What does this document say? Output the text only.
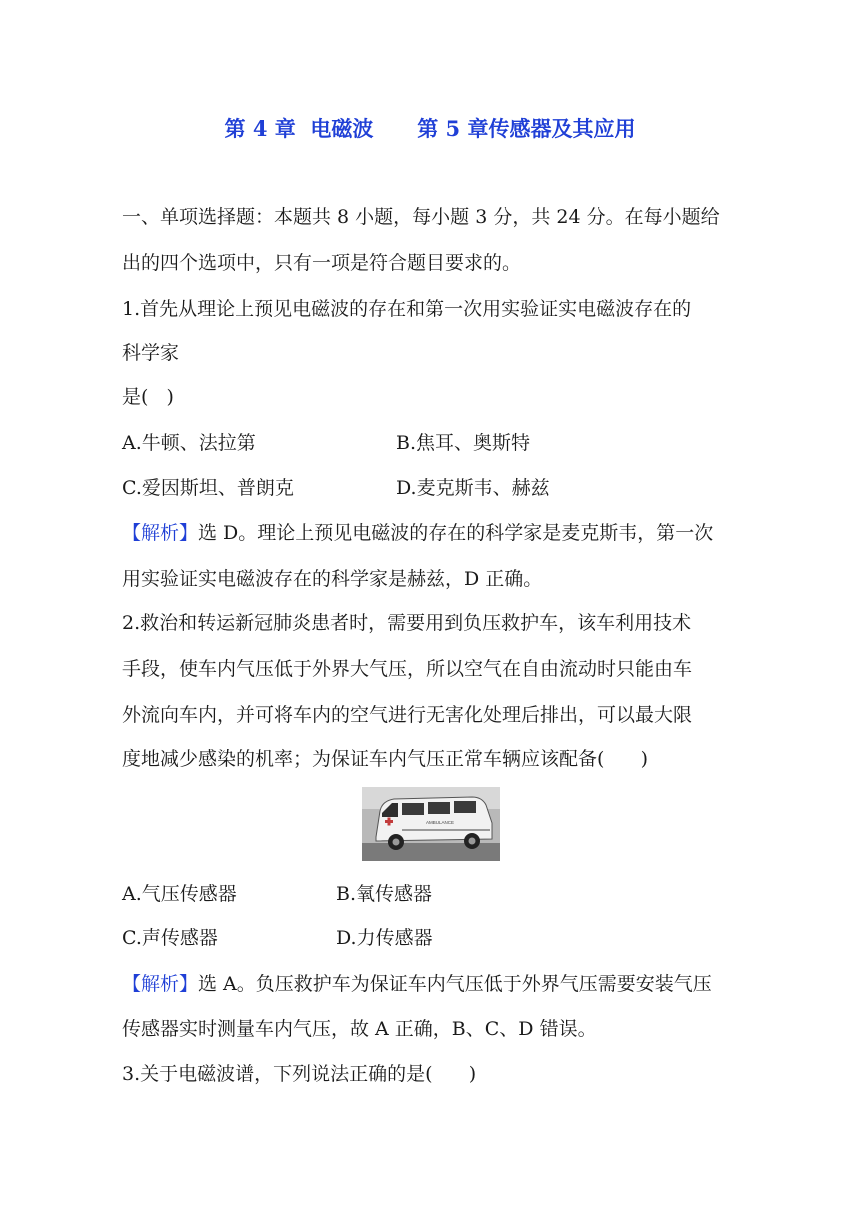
第 4 章  电磁波      第 5 章传感器及其应用
一、单项选择题：本题共 8 小题，每小题 3 分，共 24 分。在每小题给
出的四个选项中，只有一项是符合题目要求的。
1.首先从理论上预见电磁波的存在和第一次用实验证实电磁波存在的
科学家
是(   )
A.牛顿、法拉第	B.焦耳、奥斯特
C.爱因斯坦、普朗克	D.麦克斯韦、赫兹
【解析】选 D。理论上预见电磁波的存在的科学家是麦克斯韦，第一次
用实验证实电磁波存在的科学家是赫兹，D 正确。
2.救治和转运新冠肺炎患者时，需要用到负压救护车，该车利用技术
手段，使车内气压低于外界大气压，所以空气在自由流动时只能由车
外流向车内，并可将车内的空气进行无害化处理后排出，可以最大限
度地减少感染的机率；为保证车内气压正常车辆应该配备(      )
AMBULANCE
A.气压传感器	B.氧传感器
C.声传感器	D.力传感器
【解析】选 A。负压救护车为保证车内气压低于外界气压需要安装气压
传感器实时测量车内气压，故 A 正确，B、C、D 错误。
3.关于电磁波谱，下列说法正确的是(      )
